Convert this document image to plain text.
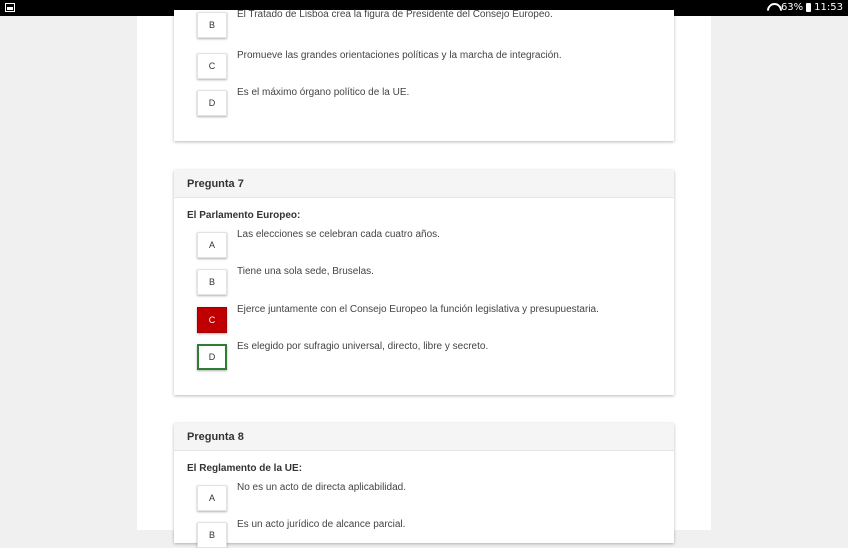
63% 11:53
B
El Tratado de Lisboa crea la figura de Presidente del Consejo Europeo.
C
Promueve las grandes orientaciones políticas y la marcha de integración.
D
Es el máximo órgano político de la UE.
Pregunta 7
El Parlamento Europeo:
A
Las elecciones se celebran cada cuatro años.
B
Tiene una sola sede, Bruselas.
C
Ejerce juntamente con el Consejo Europeo la función legislativa y presupuestaria.
D
Es elegido por sufragio universal, directo, libre y secreto.
Pregunta 8
El Reglamento de la UE:
A
No es un acto de directa aplicabilidad.
B
Es un acto jurídico de alcance parcial.
